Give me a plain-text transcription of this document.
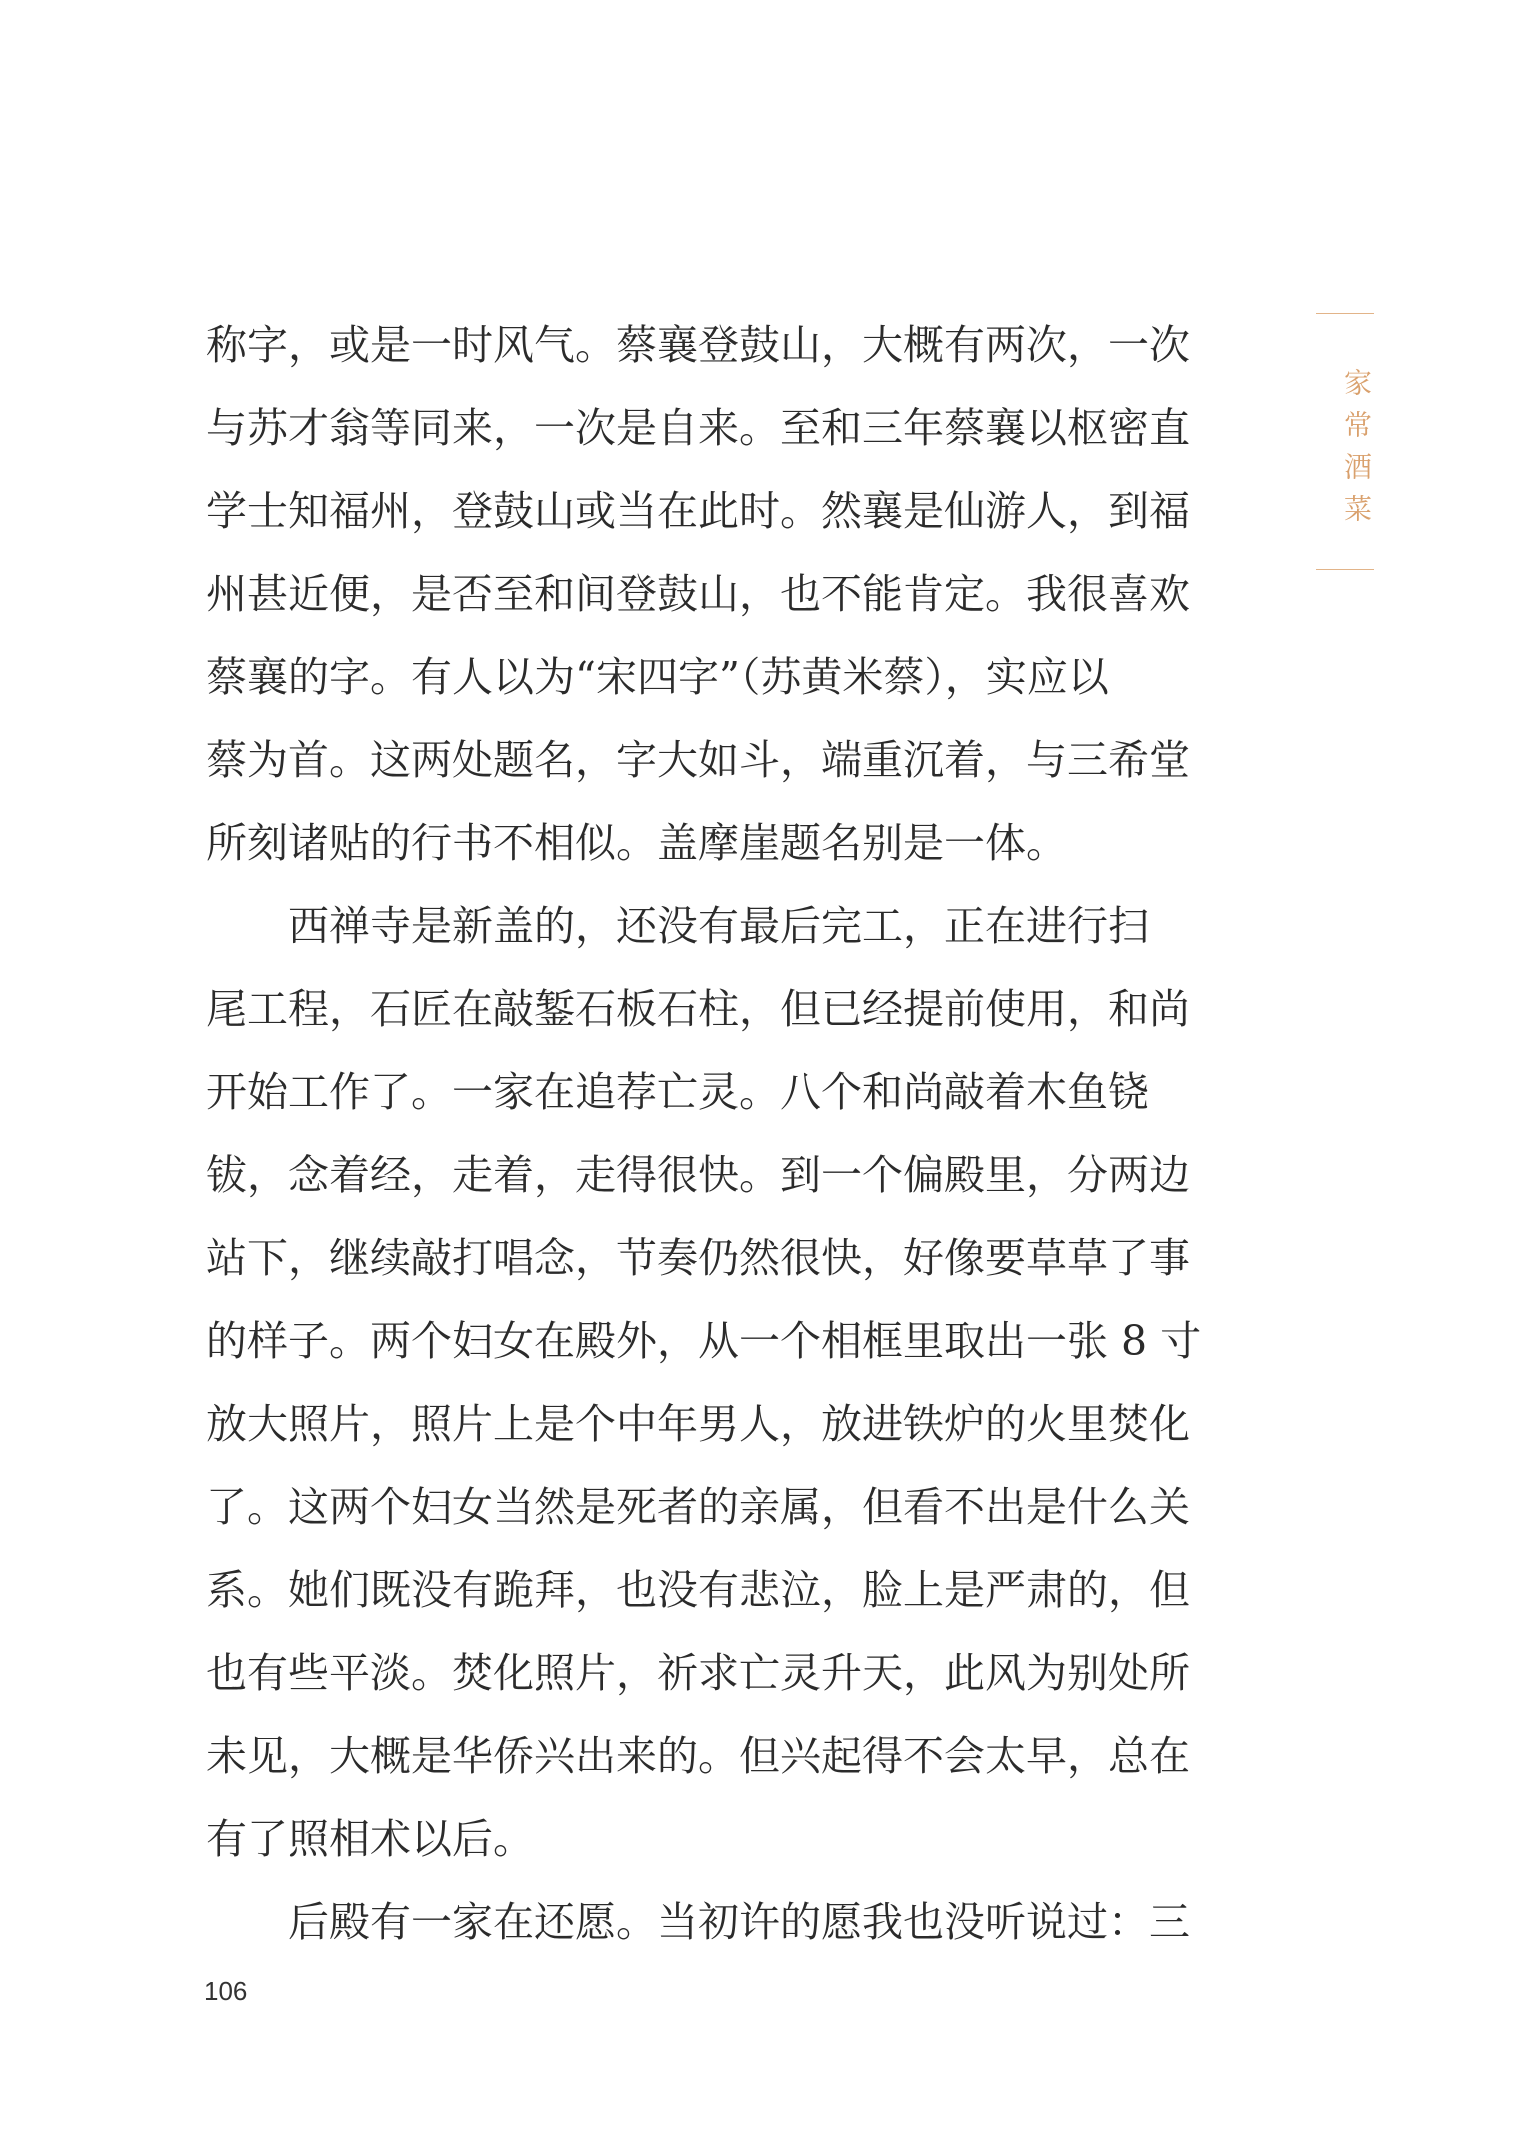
家常酒菜
称字，或是一时风气。蔡襄登鼓山，大概有两次，一次
与苏才翁等同来，一次是自来。至和三年蔡襄以枢密直
学士知福州，登鼓山或当在此时。然襄是仙游人，到福
州甚近便，是否至和间登鼓山，也不能肯定。我很喜欢
蔡襄的字。有人以为“宋四字”（苏黄米蔡），实应以
蔡为首。这两处题名，字大如斗，端重沉着，与三希堂
所刻诸贴的行书不相似。盖摩崖题名别是一体。
西禅寺是新盖的，还没有最后完工，正在进行扫
尾工程，石匠在敲錾石板石柱，但已经提前使用，和尚
开始工作了。一家在追荐亡灵。八个和尚敲着木鱼铙
钹，念着经，走着，走得很快。到一个偏殿里，分两边
站下，继续敲打唱念，节奏仍然很快，好像要草草了事
的样子。两个妇女在殿外，从一个相框里取出一张 8 寸
放大照片，照片上是个中年男人，放进铁炉的火里焚化
了。这两个妇女当然是死者的亲属，但看不出是什么关
系。她们既没有跪拜，也没有悲泣，脸上是严肃的，但
也有些平淡。焚化照片，祈求亡灵升天，此风为别处所
未见，大概是华侨兴出来的。但兴起得不会太早，总在
有了照相术以后。
后殿有一家在还愿。当初许的愿我也没听说过：三
106
